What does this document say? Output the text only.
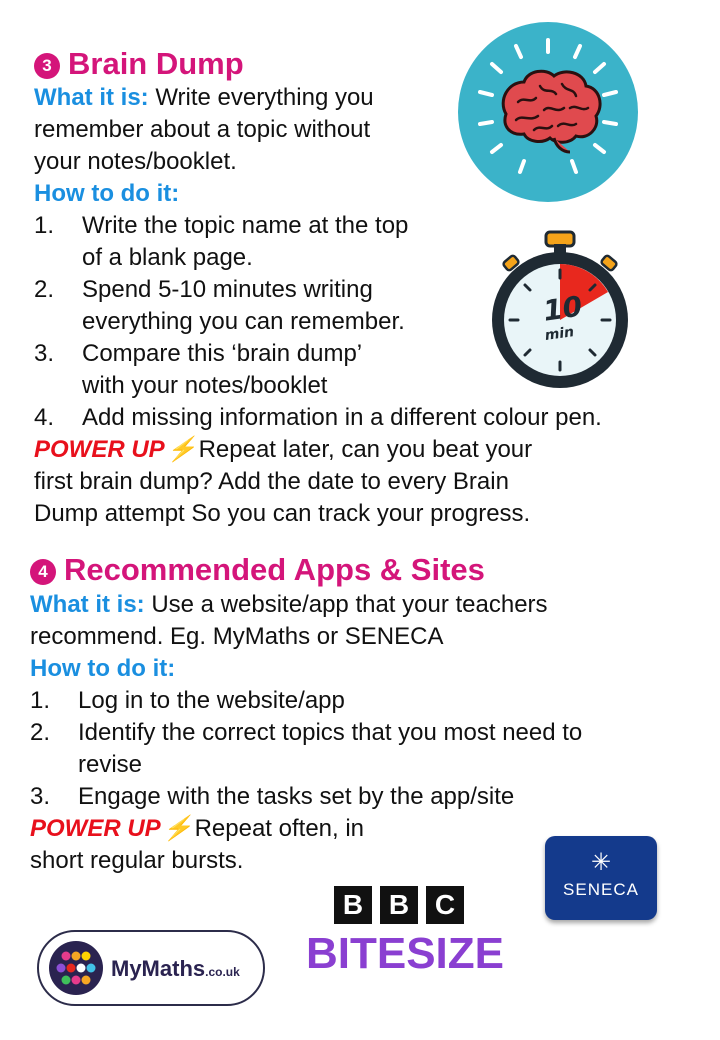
3 Brain Dump
What it is: Write everything you
remember about a topic without
your notes/booklet.
How to do it:
1. Write the topic name at the top
of a blank page.
2. Spend 5-10 minutes writing
everything you can remember.
3. Compare this ‘brain dump’
with your notes/booklet
4. Add missing information in a different colour pen.
POWER UP⚡Repeat later, can you beat your
first brain dump? Add the date to every Brain
Dump attempt So you can track your progress.
10
min
4 Recommended Apps & Sites
What it is: Use a website/app that your teachers
recommend. Eg. MyMaths or SENECA
How to do it:
1. Log in to the website/app
2. Identify the correct topics that you most need to
revise
3. Engage with the tasks set by the app/site
POWER UP⚡Repeat often, in
short regular bursts.	✳
SENECA
B B C
BITESIZE
MyMaths.co.uk
